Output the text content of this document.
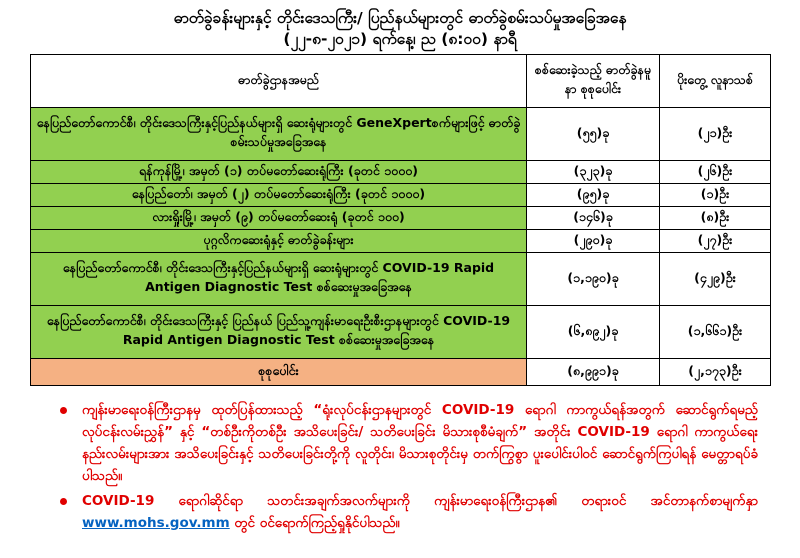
ဓာတ်ခွဲခန်းများနှင့် တိုင်းဒေသကြီး/ ပြည်နယ်များတွင် ဓာတ်ခွဲစမ်းသပ်မှုအခြေအနေ
(၂၂-၈-၂၀၂၁) ရက်နေ့၊ ည (၈:၀၀) နာရီ
ဓာတ်ခွဲဌာနအမည်	စစ်ဆေးခဲ့သည့် ဓာတ်ခွဲနမူနာ စုစုပေါင်း	ပိုးတွေ့ လူနာသစ်
နေပြည်တော်ကောင်စီ၊ တိုင်းဒေသကြီးနှင့်ပြည်နယ်များရှိ ဆေးရုံများတွင် GeneXpertစက်များဖြင့် ဓာတ်ခွဲစမ်းသပ်မှုအခြေအနေ	(၅၅)ခု	(၂၁)ဦး
ရန်ကုန်မြို့၊ အမှတ် (၁) တပ်မတော်ဆေးရုံကြီး (ခုတင် ၁၀၀၀)	(၃၂၃)ခု	(၂၆)ဦး
နေပြည်တော်၊ အမှတ် (၂) တပ်မတော်ဆေးရုံကြီး (ခုတင် ၁၀၀၀)	(၉၅)ခု	(၁)ဦး
လားရှိုးမြို့၊ အမှတ် (၉) တပ်မတော်ဆေးရုံ (ခုတင် ၁၀၀)	(၁၄၆)ခု	(၈)ဦး
ပုဂ္ဂလိကဆေးရုံနှင့် ဓာတ်ခွဲခန်းများ	(၂၉၀)ခု	(၂၇)ဦး
နေပြည်တော်ကောင်စီ၊ တိုင်းဒေသကြီးနှင့်ပြည်နယ်များရှိ ဆေးရုံများတွင် COVID-19 Rapid Antigen Diagnostic Test စစ်ဆေးမှုအခြေအနေ	(၁,၁၉၀)ခု	(၄၂၉)ဦး
နေပြည်တော်ကောင်စီ၊ တိုင်းဒေသကြီးနှင့် ပြည်နယ် ပြည်သူ့ကျန်းမာရေးဦးစီးဌာနများတွင် COVID-19 Rapid Antigen Diagnostic Test စစ်ဆေးမှုအခြေအနေ	(၆,၈၉၂)ခု	(၁,၆၆၁)ဦး
စုစုပေါင်း	(၈,၉၉၁)ခု	(၂,၁၇၃)ဦး
ကျန်းမာရေးဝန်ကြီးဌာနမှ ထုတ်ပြန်ထားသည့် “ရုံးလုပ်ငန်းဌာနများတွင် COVID-19 ရောဂါ ကာကွယ်ရန်အတွက် ဆောင်ရွက်ရမည့် လုပ်ငန်းလမ်းညွှန်” နှင့် “တစ်ဦးကိုတစ်ဦး အသိပေးခြင်း/ သတိပေးခြင်း မိသားစုစီမံချက်” အတိုင်း COVID-19 ရောဂါ ကာကွယ်ရေးနည်းလမ်းများအား အသိပေးခြင်းနှင့် သတိပေးခြင်းတို့ကို လူတိုင်း၊ မိသားစုတိုင်းမှ တက်ကြွစွာ ပူးပေါင်းပါဝင် ဆောင်ရွက်ကြပါရန် မေတ္တာရပ်ခံပါသည်။
COVID-19 ရောဂါဆိုင်ရာ သတင်းအချက်အလက်များကို ကျန်းမာရေးဝန်ကြီးဌာန၏ တရားဝင် အင်တာနက်စာမျက်နှာ www.mohs.gov.mm တွင် ဝင်ရောက်ကြည့်ရှုနိုင်ပါသည်။
